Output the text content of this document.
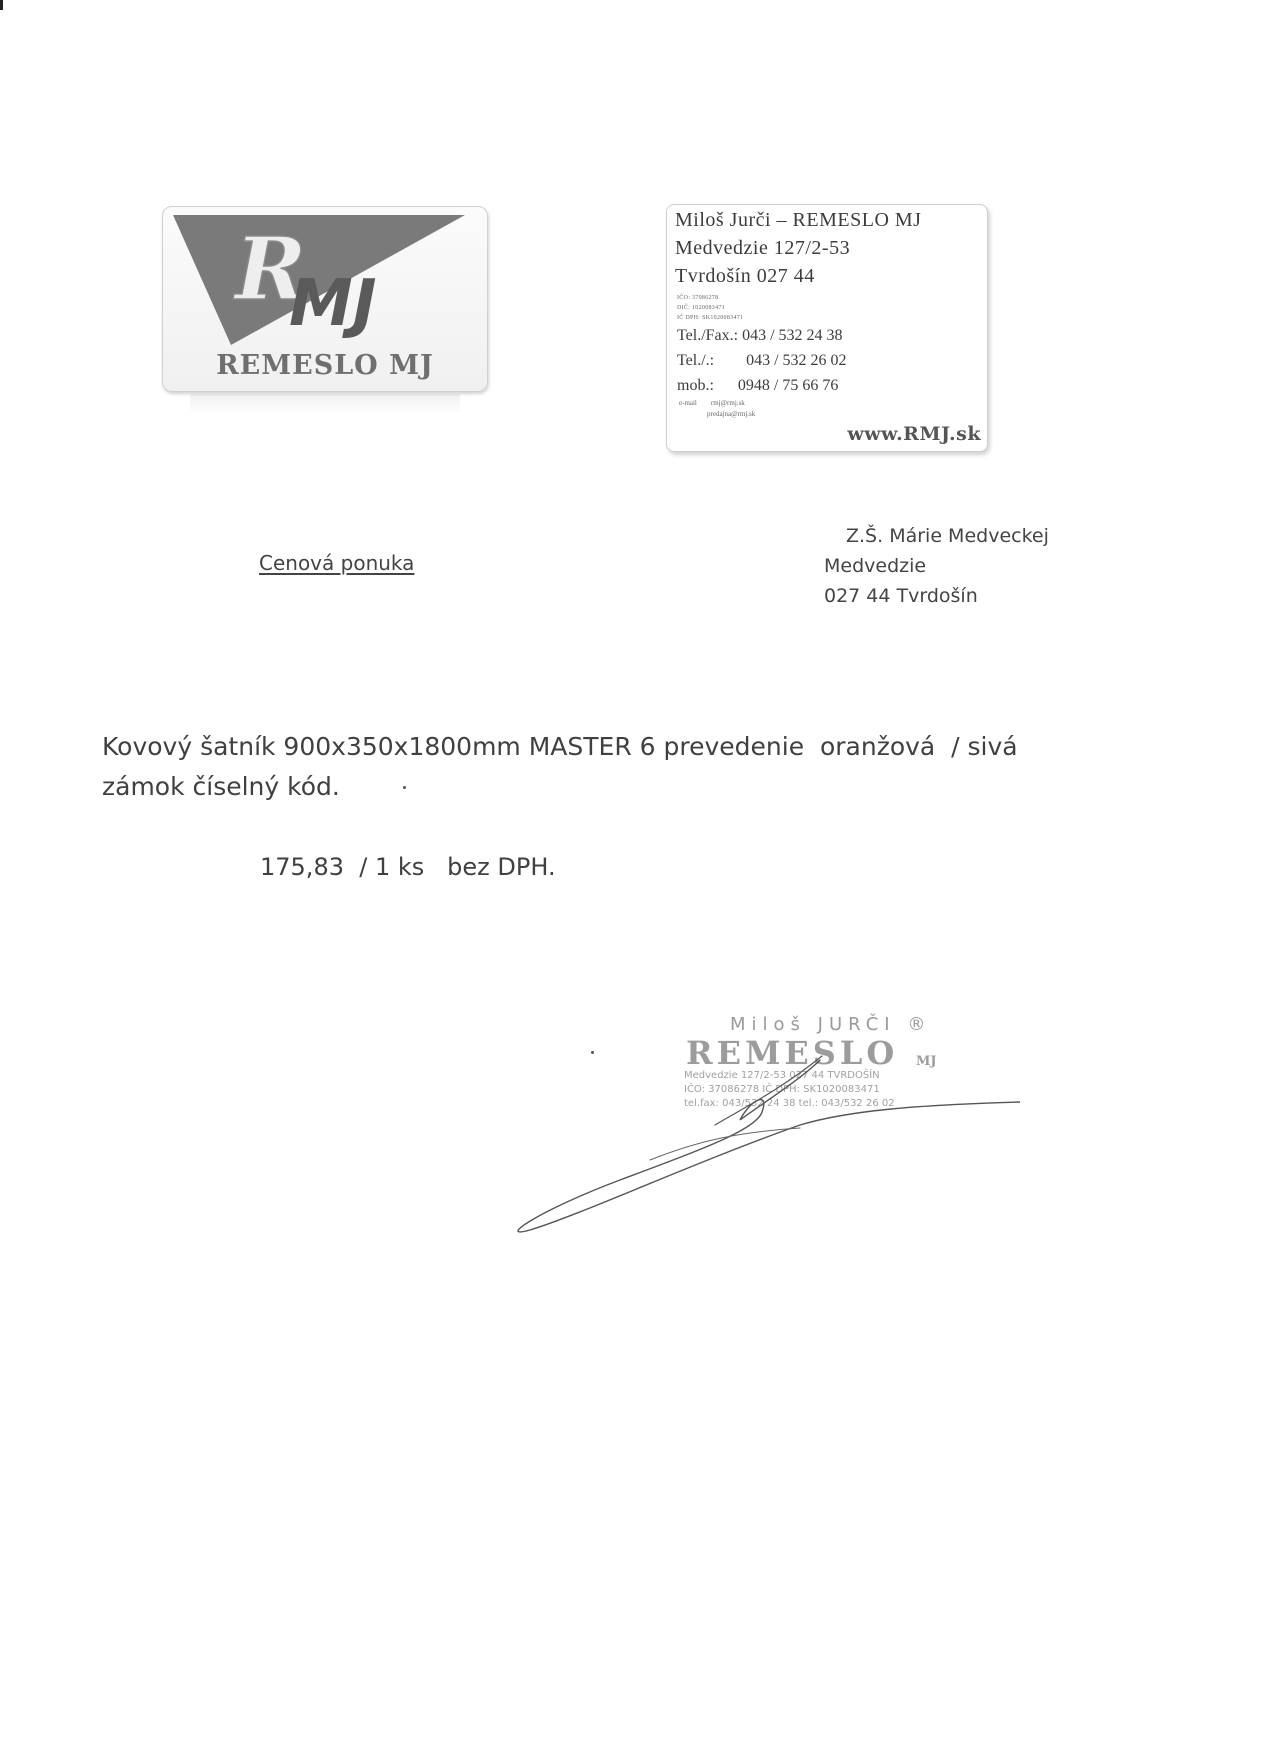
R
MJ
REMESLO MJ
Miloš Jurči – REMESLO MJ
Medvedzie 127/2-53
Tvrdošín 027 44
IČO: 37086278
DIČ: 1020083471
IČ DPH: SK1020083471
Tel./Fax.: 043 / 532 24 38
Tel./.:        043 / 532 26 02
mob.:      0948 / 75 66 76
e-mail        rmj@rmj.sk
predajna@rmj.sk
www.RMJ.sk
Cenová ponuka
Z.Š. Márie Medveckej
Medvedzie
027 44 Tvrdošín
Kovový šatník 900x350x1800mm MASTER 6 prevedenie  oranžová  / sivá
zámok číselný kód.
175,83  / 1 ks   bez DPH.
Miloš JURČI ®
REMESLO MJ
Medvedzie 127/2-53 027 44 TVRDOŠÍN
IČO: 37086278 IČ DPH: SK1020083471
tel.fax: 043/532 24 38 tel.: 043/532 26 02
